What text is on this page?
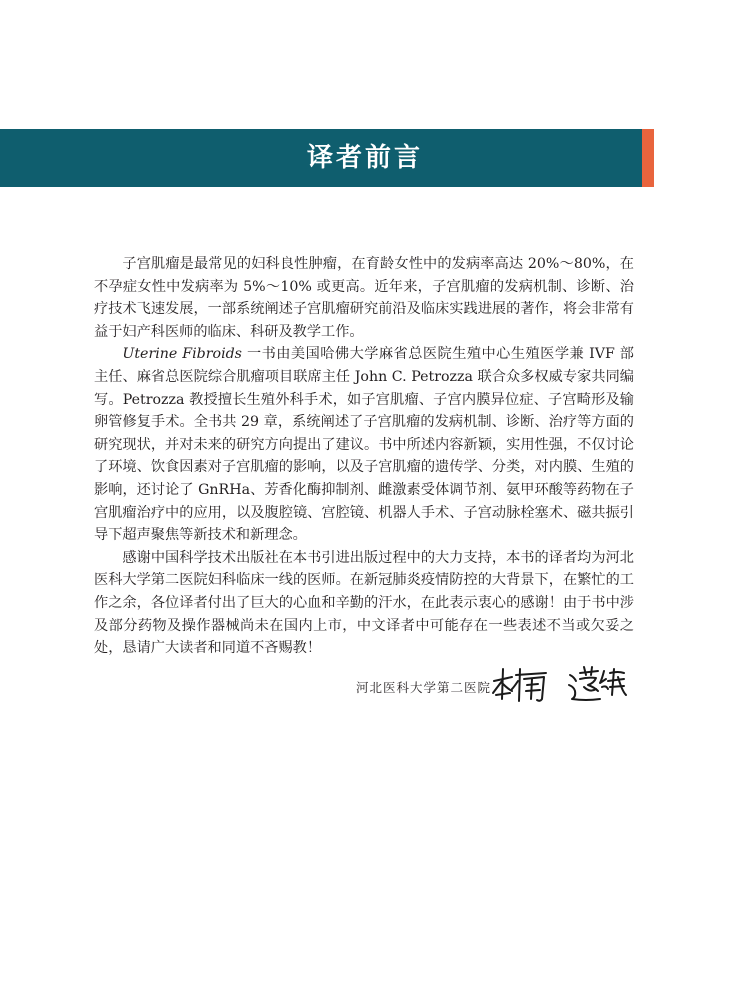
译者前言

子宫肌瘤是最常见的妇科良性肿瘤，在育龄女性中的发病率高达 20%～80%，在不孕症女性中发病率为 5%～10% 或更高。近年来，子宫肌瘤的发病机制、诊断、治疗技术飞速发展，一部系统阐述子宫肌瘤研究前沿及临床实践进展的著作，将会非常有益于妇产科医师的临床、科研及教学工作。

Uterine Fibroids 一书由美国哈佛大学麻省总医院生殖中心生殖医学兼 IVF 部主任、麻省总医院综合肌瘤项目联席主任 John C. Petrozza 联合众多权威专家共同编写。Petrozza 教授擅长生殖外科手术，如子宫肌瘤、子宫内膜异位症、子宫畸形及输卵管修复手术。全书共 29 章，系统阐述了子宫肌瘤的发病机制、诊断、治疗等方面的研究现状，并对未来的研究方向提出了建议。书中所述内容新颖，实用性强，不仅讨论了环境、饮食因素对子宫肌瘤的影响，以及子宫肌瘤的遗传学、分类，对内膜、生殖的影响，还讨论了 GnRHa、芳香化酶抑制剂、雌激素受体调节剂、氨甲环酸等药物在子宫肌瘤治疗中的应用，以及腹腔镜、宫腔镜、机器人手术、子宫动脉栓塞术、磁共振引导下超声聚焦等新技术和新理念。

感谢中国科学技术出版社在本书引进出版过程中的大力支持，本书的译者均为河北医科大学第二医院妇科临床一线的医师。在新冠肺炎疫情防控的大背景下，在繁忙的工作之余，各位译者付出了巨大的心血和辛勤的汗水，在此表示衷心的感谢！由于书中涉及部分药物及操作器械尚未在国内上市，中文译者中可能存在一些表述不当或欠妥之处，恳请广大读者和同道不吝赐教！

河北医科大学第二医院
